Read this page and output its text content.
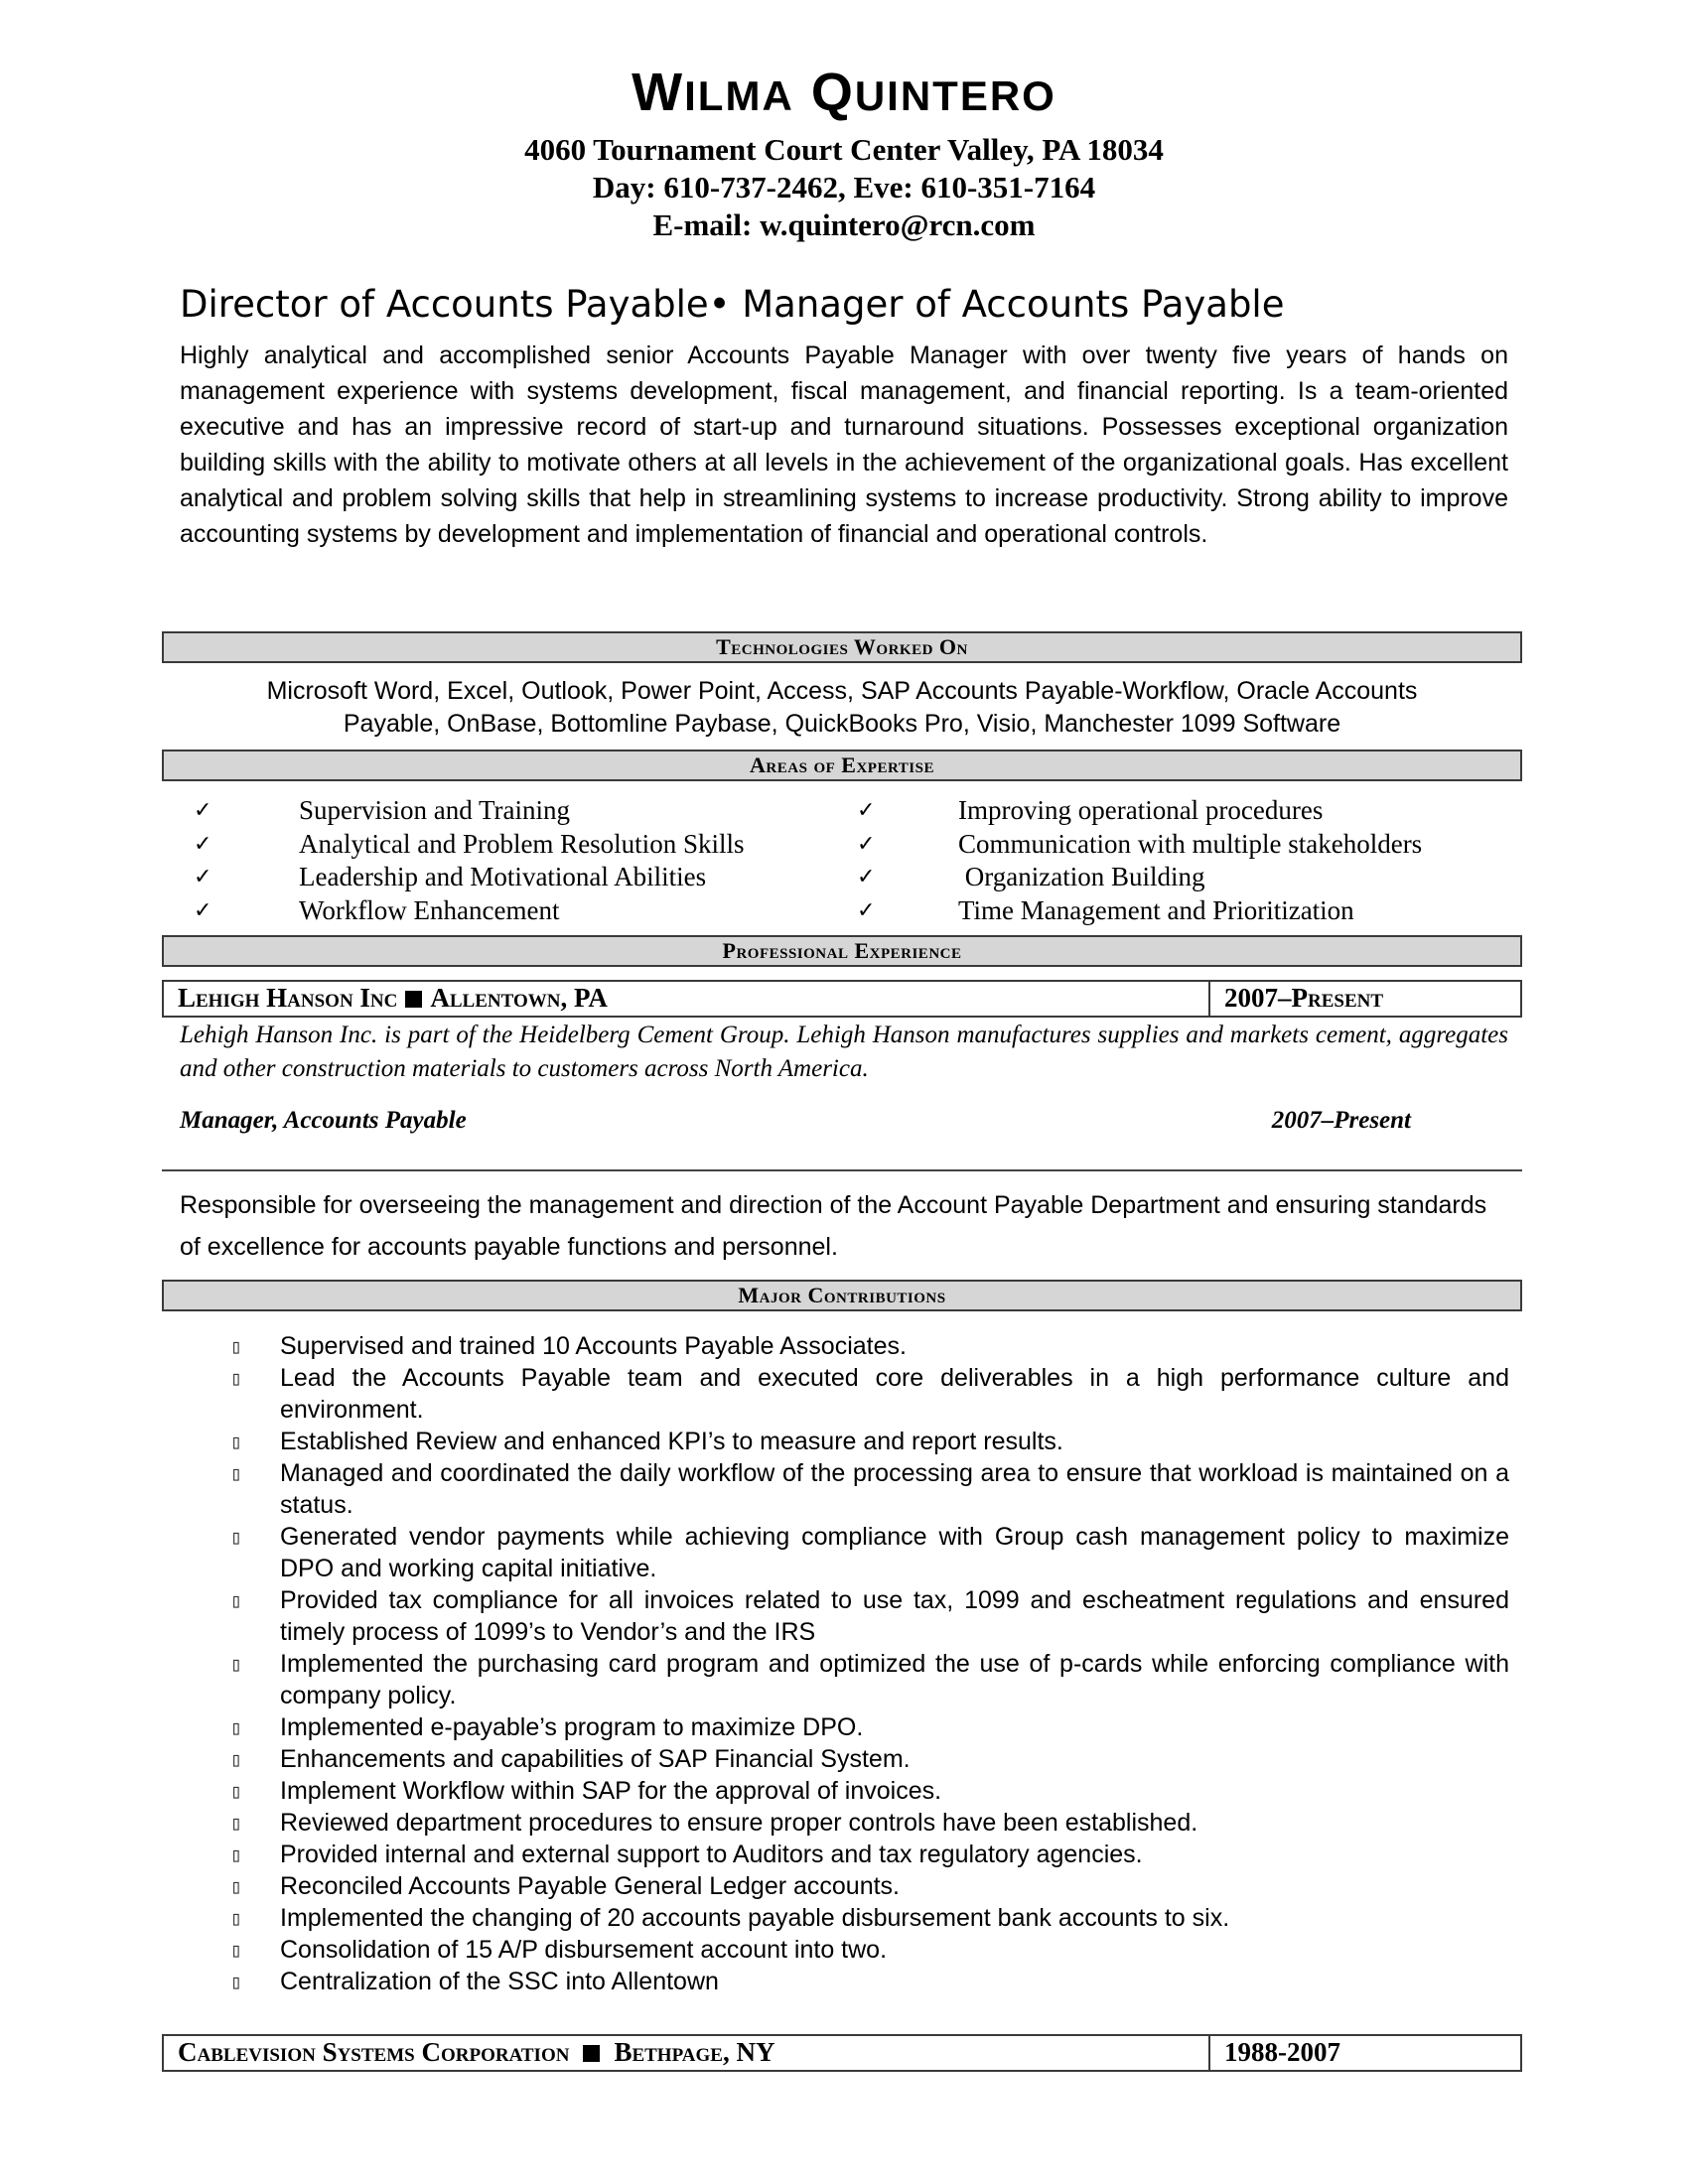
WILMA QUINTERO
4060 Tournament Court Center Valley, PA 18034
Day: 610-737-2462, Eve: 610-351-7164
E-mail: w.quintero@rcn.com
Director of Accounts Payable• Manager of Accounts Payable
Highly analytical and accomplished senior Accounts Payable Manager with over twenty five years of hands on management experience with systems development, fiscal management, and financial reporting. Is a team-oriented executive and has an impressive record of start-up and turnaround situations. Possesses exceptional organization building skills with the ability to motivate others at all levels in the achievement of the organizational goals. Has excellent analytical and problem solving skills that help in streamlining systems to increase productivity. Strong ability to improve accounting systems by development and implementation of financial and operational controls.
Technologies Worked On
Microsoft Word, Excel, Outlook, Power Point, Access, SAP Accounts Payable-Workflow, Oracle Accounts
Payable, OnBase, Bottomline Paybase, QuickBooks Pro, Visio, Manchester 1099 Software
Areas of Expertise
✓	Supervision and Training	✓	Improving operational procedures
✓	Analytical and Problem Resolution Skills	✓	Communication with multiple stakeholders
✓	Leadership and Motivational Abilities	✓	Organization Building
✓	Workflow Enhancement	✓	Time Management and Prioritization
Professional Experience
Lehigh Hanson Inc Allentown, PA	2007–Present
Lehigh Hanson Inc. is part of the Heidelberg Cement Group. Lehigh Hanson manufactures supplies and markets cement, aggregates and other construction materials to customers across North America.
Manager, Accounts Payable	2007–Present
Responsible for overseeing the management and direction of the Account Payable Department and ensuring standards of excellence for accounts payable functions and personnel.
Major Contributions
▯ Supervised and trained 10 Accounts Payable Associates.
▯ Lead the Accounts Payable team and executed core deliverables in a high performance culture and environment.
▯ Established Review and enhanced KPI’s to measure and report results.
▯ Managed and coordinated the daily workflow of the processing area to ensure that workload is maintained on a status.
▯ Generated vendor payments while achieving compliance with Group cash management policy to maximize DPO and working capital initiative.
▯ Provided tax compliance for all invoices related to use tax, 1099 and escheatment regulations and ensured timely process of 1099’s to Vendor’s and the IRS
▯ Implemented the purchasing card program and optimized the use of p-cards while enforcing compliance with company policy.
▯ Implemented e-payable’s program to maximize DPO.
▯ Enhancements and capabilities of SAP Financial System.
▯ Implement Workflow within SAP for the approval of invoices.
▯ Reviewed department procedures to ensure proper controls have been established.
▯ Provided internal and external support to Auditors and tax regulatory agencies.
▯ Reconciled Accounts Payable General Ledger accounts.
▯ Implemented the changing of 20 accounts payable disbursement bank accounts to six.
▯ Consolidation of 15 A/P disbursement account into two.
▯ Centralization of the SSC into Allentown
Cablevision Systems Corporation Bethpage, NY	1988-2007
